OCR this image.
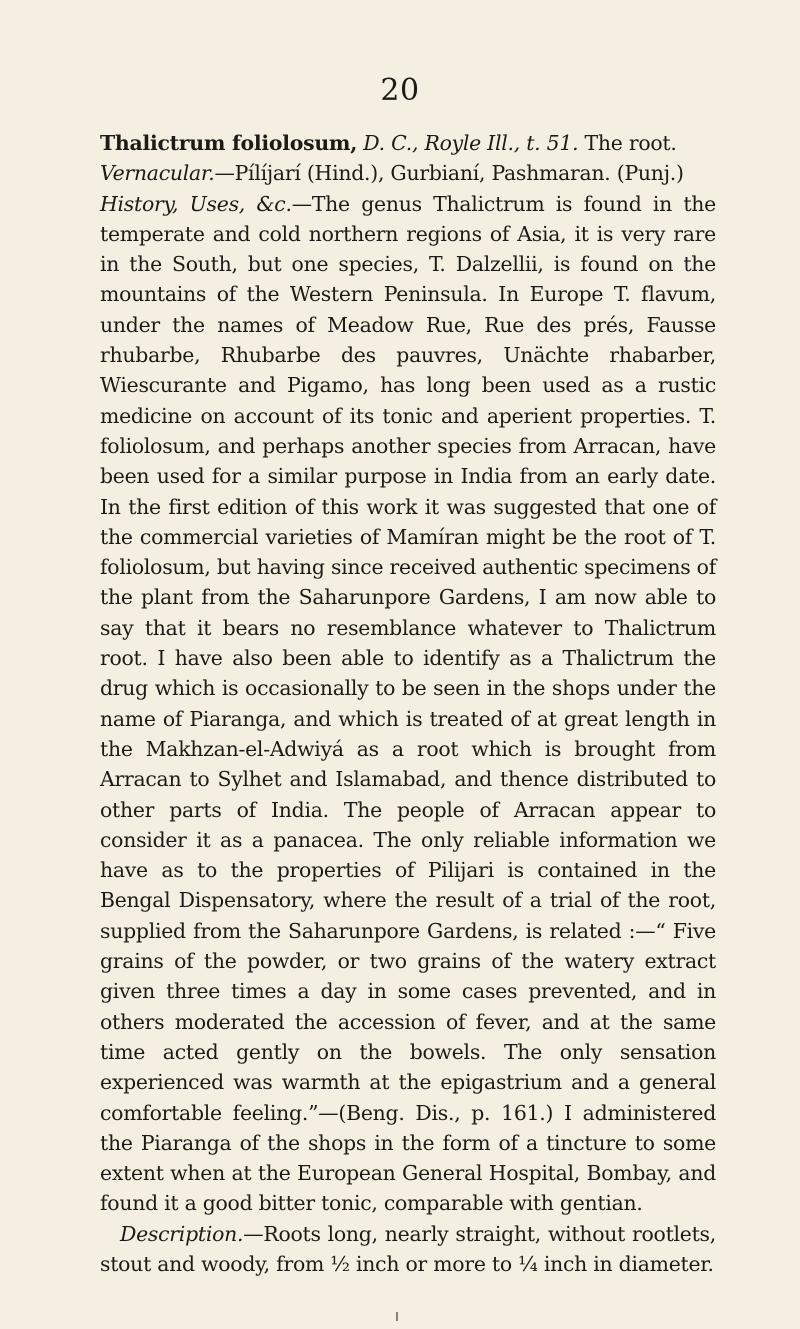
20

Thalictrum foliolosum, D. C., Royle Ill., t. 51. The root.

Vernacular.—Pílíjarí (Hind.), Gurbianí, Pashmaran. (Punj.)

History, Uses, &c.—The genus Thalictrum is found in the temperate and cold northern regions of Asia, it is very rare in the South, but one species, T. Dalzellii, is found on the mountains of the Western Peninsula. In Europe T. flavum, under the names of Meadow Rue, Rue des prés, Fausse rhubarbe, Rhubarbe des pauvres, Unächte rhabarber, Wiescurante and Pigamo, has long been used as a rustic medicine on account of its tonic and aperient properties. T. foliolosum, and perhaps another species from Arracan, have been used for a similar purpose in India from an early date. In the first edition of this work it was suggested that one of the commercial varieties of Mamíran might be the root of T. foliolosum, but having since received authentic specimens of the plant from the Saharunpore Gardens, I am now able to say that it bears no resemblance whatever to Thalictrum root. I have also been able to identify as a Thalictrum the drug which is occasionally to be seen in the shops under the name of Piaranga, and which is treated of at great length in the Makhzan-el-Adwiyá as a root which is brought from Arracan to Sylhet and Islamabad, and thence distributed to other parts of India. The people of Arracan appear to consider it as a panacea. The only reliable information we have as to the properties of Pilijari is contained in the Bengal Dispensatory, where the result of a trial of the root, supplied from the Saharunpore Gardens, is related :—“ Five grains of the powder, or two grains of the watery extract given three times a day in some cases prevented, and in others moderated the accession of fever, and at the same time acted gently on the bowels. The only sensation experienced was warmth at the epigastrium and a general comfortable feeling.”—(Beng. Dis., p. 161.) I administered the Piaranga of the shops in the form of a tincture to some extent when at the European General Hospital, Bombay, and found it a good bitter tonic, comparable with gentian.

Description.—Roots long, nearly straight, without rootlets, stout and woody, from ½ inch or more to ¼ inch in diameter.
